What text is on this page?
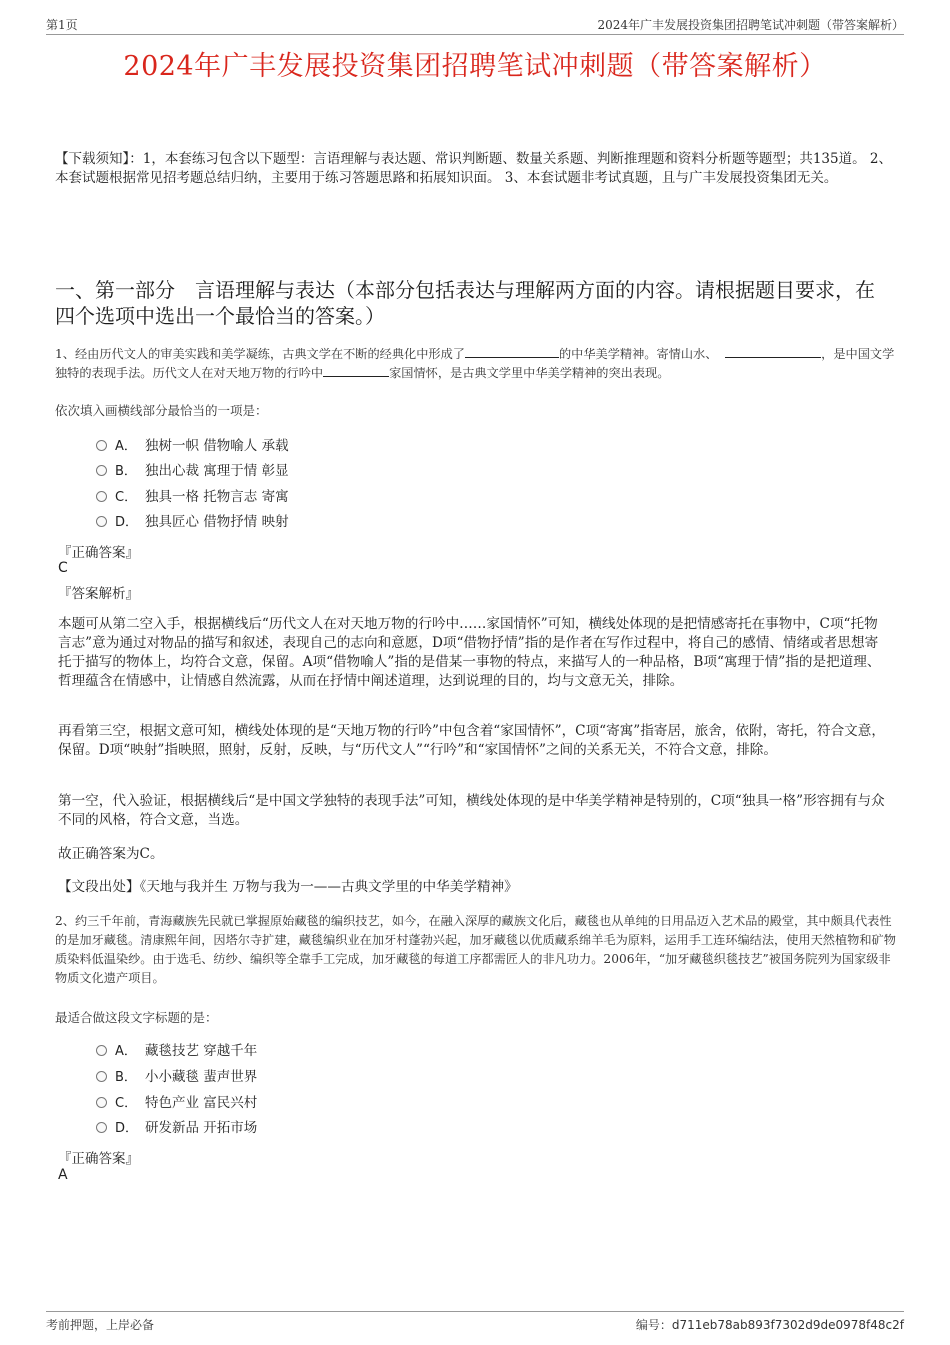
第1页	2024年广丰发展投资集团招聘笔试冲刺题（带答案解析）
2024年广丰发展投资集团招聘笔试冲刺题（带答案解析）
【下载须知】：1，本套练习包含以下题型：言语理解与表达题、常识判断题、数量关系题、判断推理题和资料分析题等题型；共135道。 2、本套试题根据常见招考题总结归纳，主要用于练习答题思路和拓展知识面。 3、本套试题非考试真题，且与广丰发展投资集团无关。
一、第一部分　言语理解与表达（本部分包括表达与理解两方面的内容。请根据题目要求，在四个选项中选出一个最恰当的答案。）
1、经由历代文人的审美实践和美学凝练，古典文学在不断的经典化中形成了	的中华美学精神。寄情山水、	，是中国文学独特的表现手法。历代文人在对天地万物的行吟中	家国情怀，是古典文学里中华美学精神的突出表现。
依次填入画横线部分最恰当的一项是：
A． 独树一帜 借物喻人 承载
B． 独出心裁 寓理于情 彰显
C． 独具一格 托物言志 寄寓
D． 独具匠心 借物抒情 映射
『正确答案』
C
『答案解析』
本题可从第二空入手，根据横线后“历代文人在对天地万物的行吟中……家国情怀”可知，横线处体现的是把情感寄托在事物中，C项“托物言志”意为通过对物品的描写和叙述，表现自己的志向和意愿，D项“借物抒情”指的是作者在写作过程中，将自己的感情、情绪或者思想寄托于描写的物体上，均符合文意，保留。A项“借物喻人”指的是借某一事物的特点，来描写人的一种品格，B项“寓理于情”指的是把道理、哲理蕴含在情感中，让情感自然流露，从而在抒情中阐述道理，达到说理的目的，均与文意无关，排除。
再看第三空，根据文意可知，横线处体现的是“天地万物的行吟”中包含着“家国情怀”，C项“寄寓”指寄居，旅舍，依附，寄托，符合文意，保留。D项“映射”指映照，照射，反射，反映，与“历代文人”“行吟”和“家国情怀”之间的关系无关，不符合文意，排除。
第一空，代入验证，根据横线后“是中国文学独特的表现手法”可知，横线处体现的是中华美学精神是特别的，C项“独具一格”形容拥有与众不同的风格，符合文意，当选。
故正确答案为C。
【文段出处】《天地与我并生 万物与我为一——古典文学里的中华美学精神》
2、约三千年前，青海藏族先民就已掌握原始藏毯的编织技艺，如今，在融入深厚的藏族文化后，藏毯也从单纯的日用品迈入艺术品的殿堂，其中颇具代表性的是加牙藏毯。清康熙年间，因塔尔寺扩建，藏毯编织业在加牙村蓬勃兴起，加牙藏毯以优质藏系绵羊毛为原料，运用手工连环编结法，使用天然植物和矿物质染料低温染纱。由于选毛、纺纱、编织等全靠手工完成，加牙藏毯的每道工序都需匠人的非凡功力。2006年，“加牙藏毯织毯技艺”被国务院列为国家级非物质文化遗产项目。
最适合做这段文字标题的是：
A． 藏毯技艺 穿越千年
B． 小小藏毯 蜚声世界
C． 特色产业 富民兴村
D． 研发新品 开拓市场
『正确答案』
A
考前押题，上岸必备	编号：d711eb78ab893f7302d9de0978f48c2f
